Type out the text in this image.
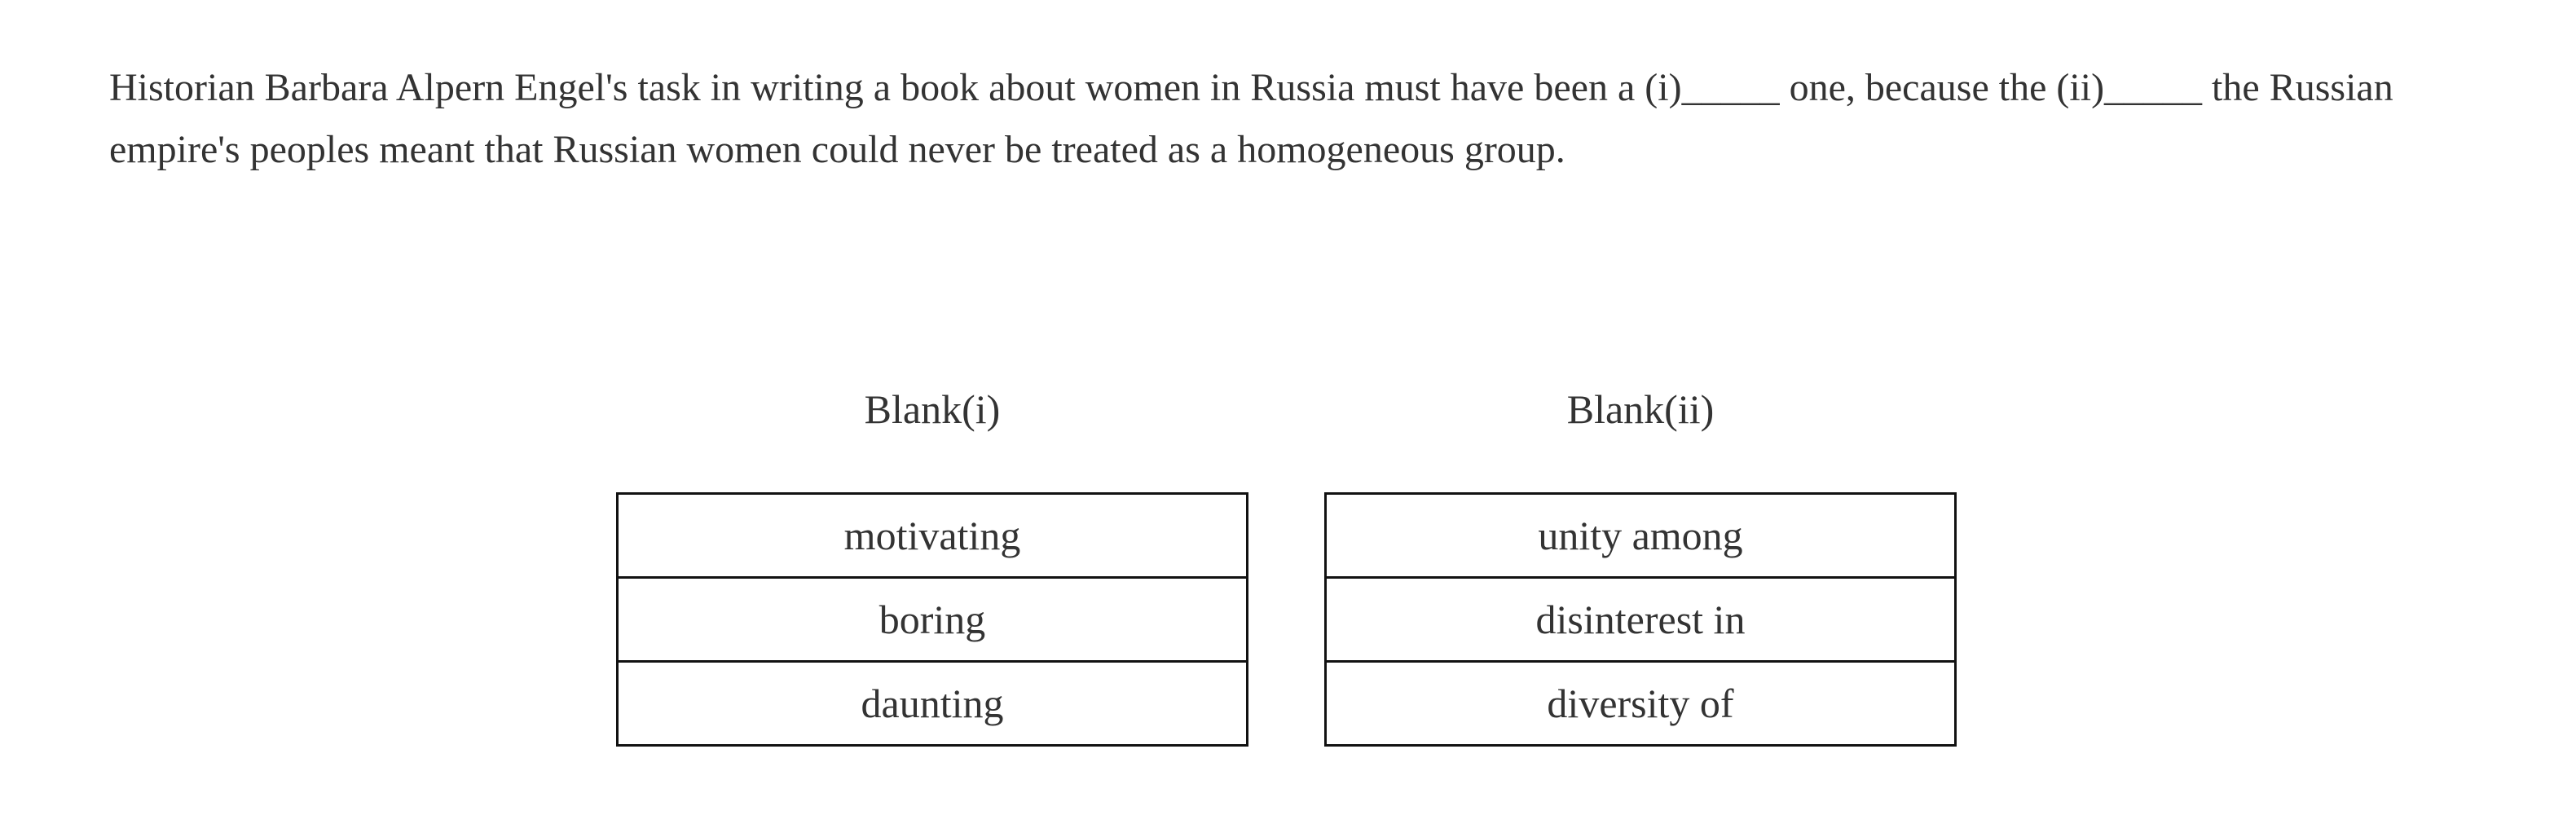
Historian Barbara Alpern Engel's task in writing a book about women in Russia must have been a (i)_____ one, because the (ii)_____ the Russian empire's peoples meant that Russian women could never be treated as a homogeneous group.

Blank(i)
motivating
boring
daunting
Blank(ii)
unity among
disinterest in
diversity of
